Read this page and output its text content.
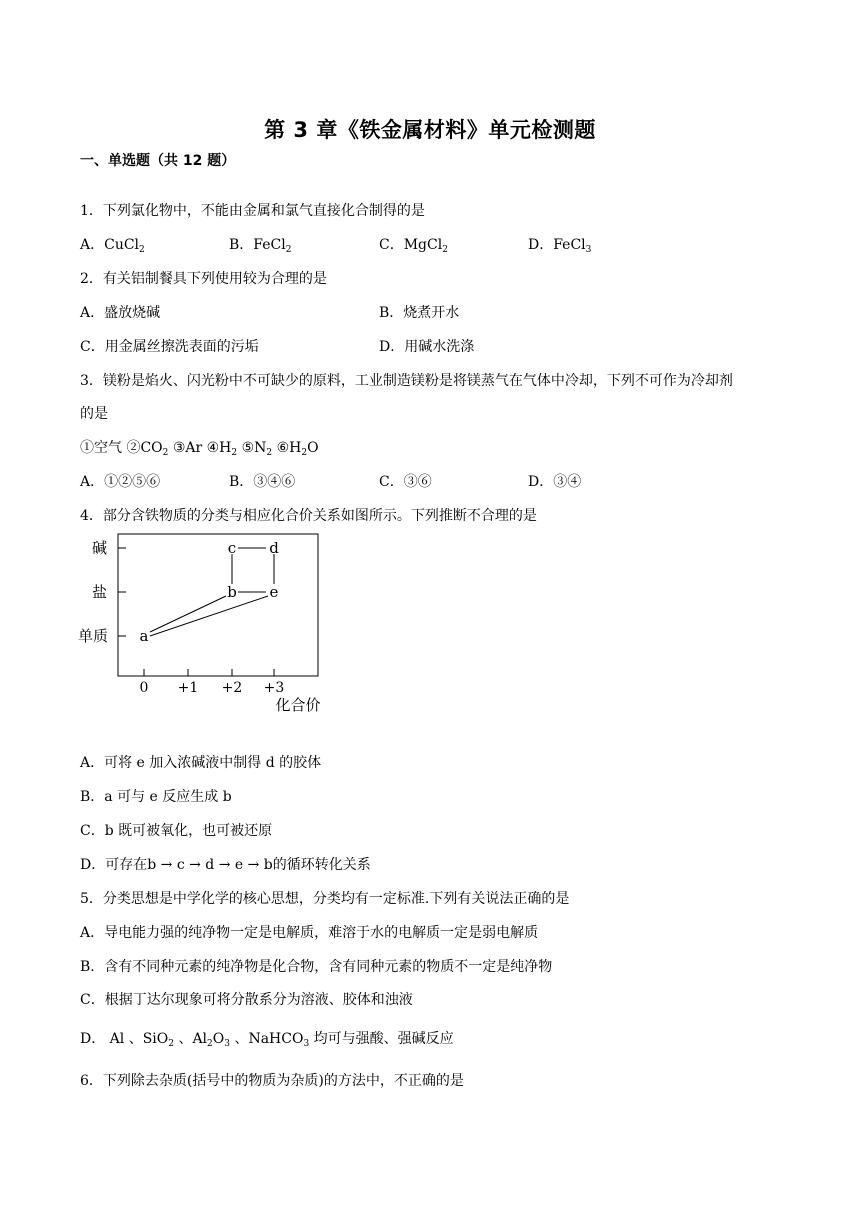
第 3 章《铁金属材料》单元检测题
一、单选题（共 12 题）
1．下列氯化物中，不能由金属和氯气直接化合制得的是
A．CuCl$_2$	B．FeCl$_2$	C．MgCl$_2$	D．FeCl$_3$
2．有关铝制餐具下列使用较为合理的是
A．盛放烧碱	B．烧煮开水
C．用金属丝擦洗表面的污垢	D．用碱水洗涤
3．镁粉是焰火、闪光粉中不可缺少的原料，工业制造镁粉是将镁蒸气在气体中冷却，下列不可作为冷却剂
的是
①空气 $②CO_2$ ③Ar $④H_2$ $⑤N_2$ $⑥H_2O$
A．①②⑤⑥	B．③④⑥	C．③⑥	D．③④
4．部分含铁物质的分类与相应化合价关系如图所示。下列推断不合理的是
碱
盐
单质
0 +1 +2 +3
化合价
c d
b e
a
A．可将 e 加入浓碱液中制得 d 的胶体
B．a 可与 e 反应生成 b
C．b 既可被氧化，也可被还原
D．可存在b → c → d → e → b的循环转化关系
5．分类思想是中学化学的核心思想，分类均有一定标准.下列有关说法正确的是
A．导电能力强的纯净物一定是电解质，难溶于水的电解质一定是弱电解质
B．含有不同种元素的纯净物是化合物，含有同种元素的物质不一定是纯净物
C．根据丁达尔现象可将分散系分为溶液、胶体和浊液
D． Al 、SiO$_2$ 、$Al_2O_3$ 、NaHCO$_3$ 均可与强酸、强碱反应
6．下列除去杂质(括号中的物质为杂质)的方法中，不正确的是
